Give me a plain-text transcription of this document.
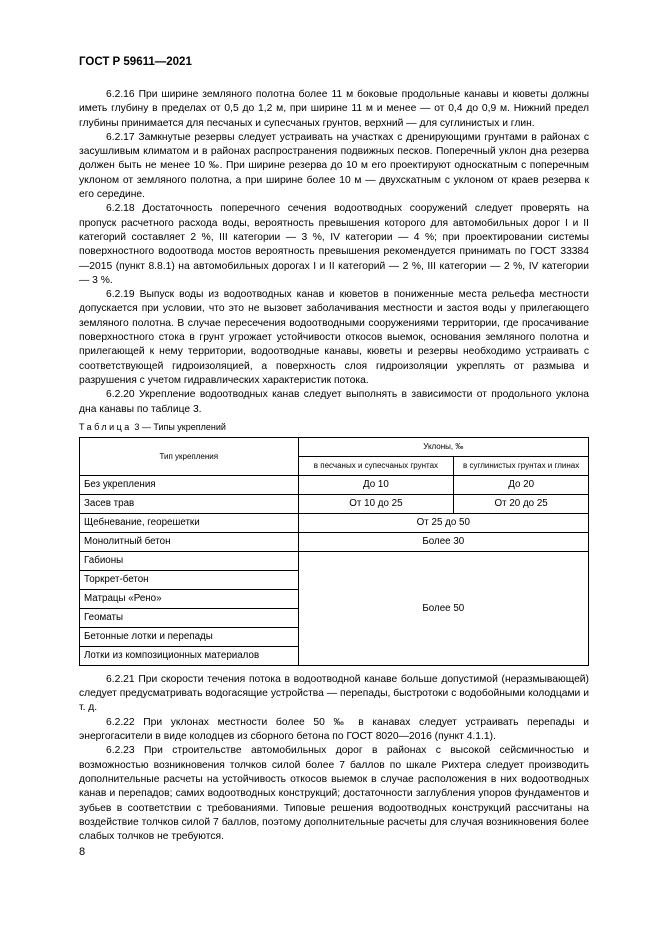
ГОСТ Р 59611—2021

6.2.16 При ширине земляного полотна более 11 м боковые продольные канавы и кюветы должны иметь глубину в пределах от 0,5 до 1,2 м, при ширине 11 м и менее — от 0,4 до 0,9 м. Нижний предел глубины принимается для песчаных и супесчаных грунтов, верхний — для суглинистых и глин.

6.2.17 Замкнутые резервы следует устраивать на участках с дренирующими грунтами в районах с засушливым климатом и в районах распространения подвижных песков. Поперечный уклон дна резерва должен быть не менее 10 ‰. При ширине резерва до 10 м его проектируют односкатным с поперечным уклоном от земляного полотна, а при ширине более 10 м — двухскатным с уклоном от краев резерва к его середине.

6.2.18 Достаточность поперечного сечения водоотводных сооружений следует проверять на пропуск расчетного расхода воды, вероятность превышения которого для автомобильных дорог I и II категорий составляет 2 %, III категории — 3 %, IV категории — 4 %; при проектировании системы поверхностного водоотвода мостов вероятность превышения рекомендуется принимать по ГОСТ 33384—2015 (пункт 8.8.1) на автомобильных дорогах I и II категорий — 2 %, III категории — 2 %, IV категории — 3 %.

6.2.19 Выпуск воды из водоотводных канав и кюветов в пониженные места рельефа местности допускается при условии, что это не вызовет заболачивания местности и застоя воды у прилегающего земляного полотна. В случае пересечения водоотводными сооружениями территории, где просачивание поверхностного стока в грунт угрожает устойчивости откосов выемок, основания земляного полотна и прилегающей к нему территории, водоотводные канавы, кюветы и резервы необходимо устраивать с соответствующей гидроизоляцией, а поверхность слоя гидроизоляции укреплять от размыва и разрушения с учетом гидравлических характеристик потока.

6.2.20 Укрепление водоотводных канав следует выполнять в зависимости от продольного уклона дна канавы по таблице 3.

Таблица 3 — Типы укреплений
Тип укрепления	Уклоны, ‰	
	в песчаных и супесчаных грунтах	в суглинистых грунтах и глинах
Без укрепления	До 10	До 20
Засев трав	От 10 до 25	От 20 до 25
Щебневание, георешетки	От 25 до 50	
Монолитный бетон	Более 30	
Габионы	Более 50	
Торкрет-бетон		
Матрацы «Рено»		
Геоматы		
Бетонные лотки и перепады		
Лотки из композиционных материалов		

6.2.21 При скорости течения потока в водоотводной канаве больше допустимой (неразмывающей) следует предусматривать водогасящие устройства — перепады, быстротоки с водобойными колодцами и т. д.

6.2.22 При уклонах местности более 50 ‰ в канавах следует устраивать перепады и энергогасители в виде колодцев из сборного бетона по ГОСТ 8020—2016 (пункт 4.1.1).

6.2.23 При строительстве автомобильных дорог в районах с высокой сейсмичностью и возможностью возникновения толчков силой более 7 баллов по шкале Рихтера следует производить дополнительные расчеты на устойчивость откосов выемок в случае расположения в них водоотводных канав и перепадов; самих водоотводных конструкций; достаточности заглубления упоров фундаментов и зубьев в соответствии с требованиями. Типовые решения водоотводных конструкций рассчитаны на воздействие толчков силой 7 баллов, поэтому дополнительные расчеты для случая возникновения более слабых толчков не требуются.

8
